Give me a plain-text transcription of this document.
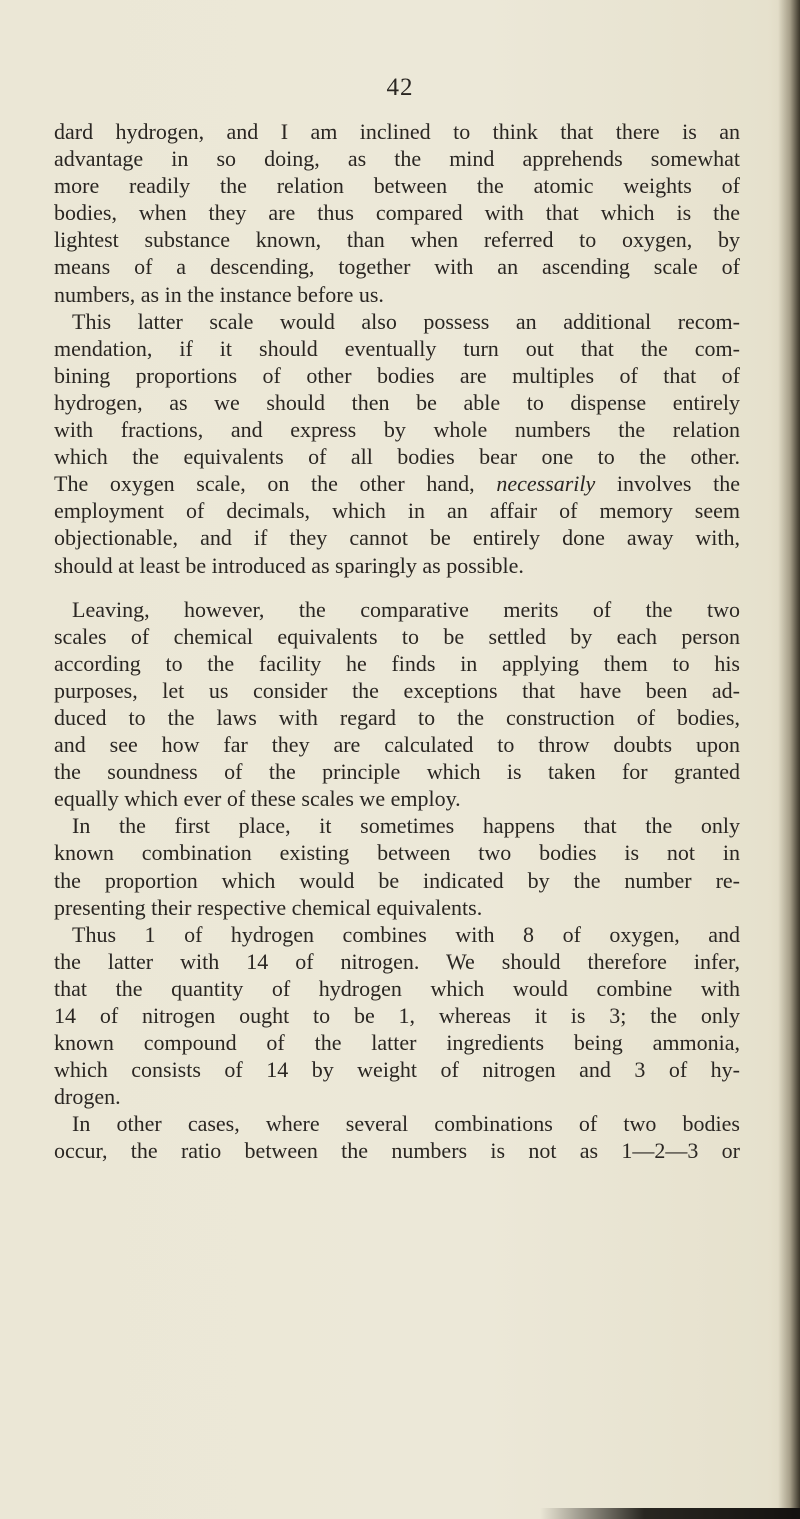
42
dard hydrogen, and I am inclined to think that there is an
advantage in so doing, as the mind apprehends somewhat
more readily the relation between the atomic weights of
bodies, when they are thus compared with that which is the
lightest substance known, than when referred to oxygen, by
means of a descending, together with an ascending scale of
numbers, as in the instance before us.
This latter scale would also possess an additional recom-
mendation, if it should eventually turn out that the com-
bining proportions of other bodies are multiples of that of
hydrogen, as we should then be able to dispense entirely
with fractions, and express by whole numbers the relation
which the equivalents of all bodies bear one to the other.
The oxygen scale, on the other hand, necessarily involves the
employment of decimals, which in an affair of memory seem
objectionable, and if they cannot be entirely done away with,
should at least be introduced as sparingly as possible.
Leaving, however, the comparative merits of the two
scales of chemical equivalents to be settled by each person
according to the facility he finds in applying them to his
purposes, let us consider the exceptions that have been ad-
duced to the laws with regard to the construction of bodies,
and see how far they are calculated to throw doubts upon
the soundness of the principle which is taken for granted
equally which ever of these scales we employ.
In the first place, it sometimes happens that the only
known combination existing between two bodies is not in
the proportion which would be indicated by the number re-
presenting their respective chemical equivalents.
Thus 1 of hydrogen combines with 8 of oxygen, and
the latter with 14 of nitrogen. We should therefore infer,
that the quantity of hydrogen which would combine with
14 of nitrogen ought to be 1, whereas it is 3; the only
known compound of the latter ingredients being ammonia,
which consists of 14 by weight of nitrogen and 3 of hy-
drogen.
In other cases, where several combinations of two bodies
occur, the ratio between the numbers is not as 1—2—3 or
